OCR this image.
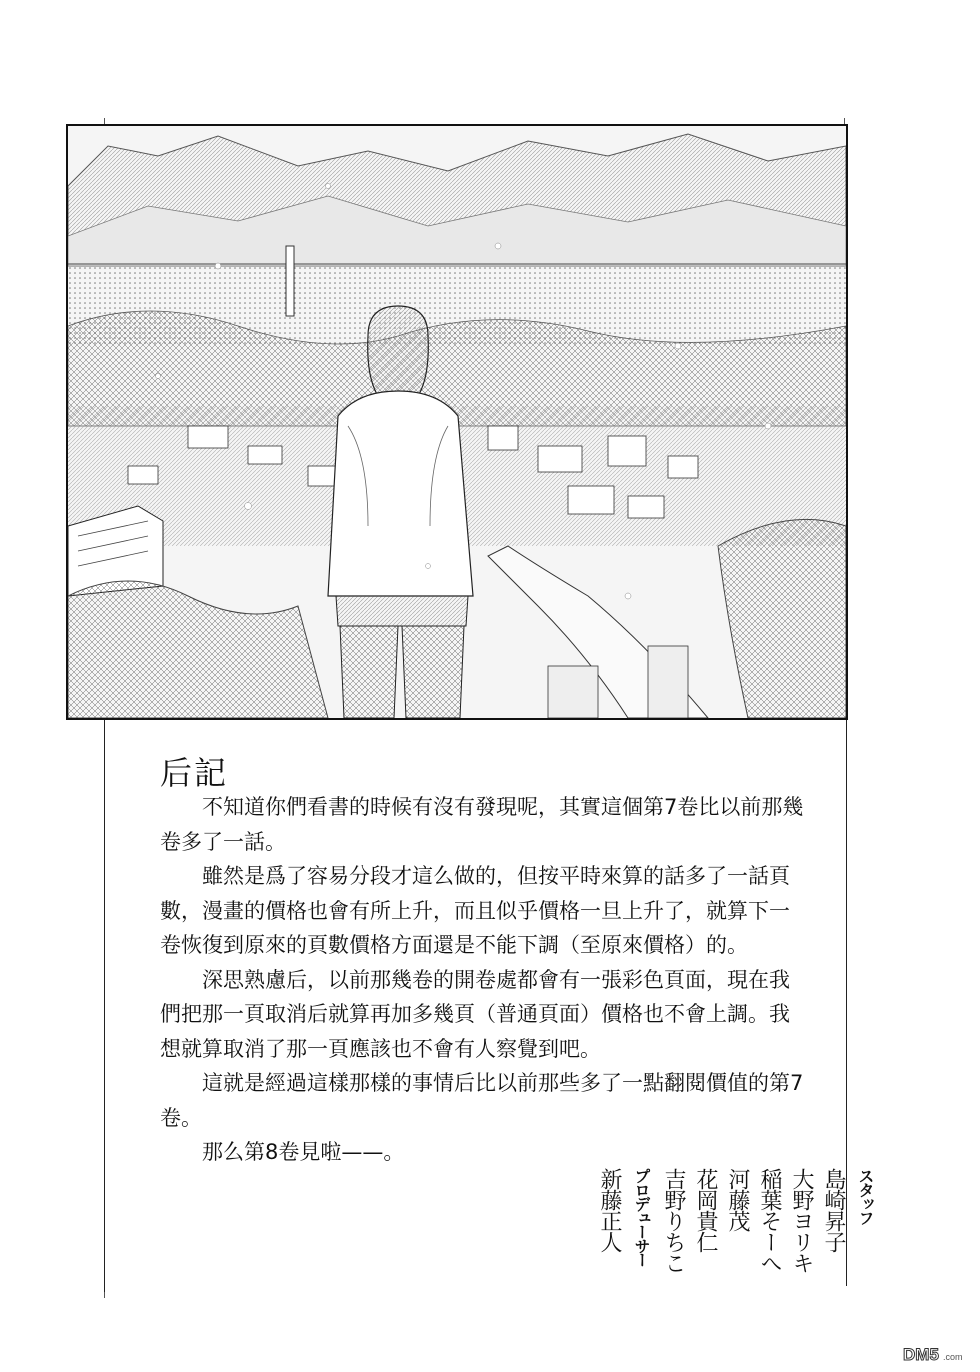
后記

不知道你們看書的時候有沒有發現呢，其實這個第7卷比以前那幾卷多了一話。

雖然是爲了容易分段才這么做的，但按平時來算的話多了一話頁數，漫畫的價格也會有所上升，而且似乎價格一旦上升了，就算下一卷恢復到原來的頁數價格方面還是不能下調（至原來價格）的。

深思熟慮后，以前那幾卷的開卷處都會有一張彩色頁面，現在我們把那一頁取消后就算再加多幾頁（普通頁面）價格也不會上調。我想就算取消了那一頁應該也不會有人察覺到吧。

這就是經過這樣那樣的事情后比以前那些多了一點翻閱價值的第7卷。

那么第8卷見啦——。

スタッフ
島崎昇子
大野ヨリキ
稲葉そーへ
河藤茂
花岡貴仁
吉野りちこ
プロデューサー
新藤正人
DM5 .com
